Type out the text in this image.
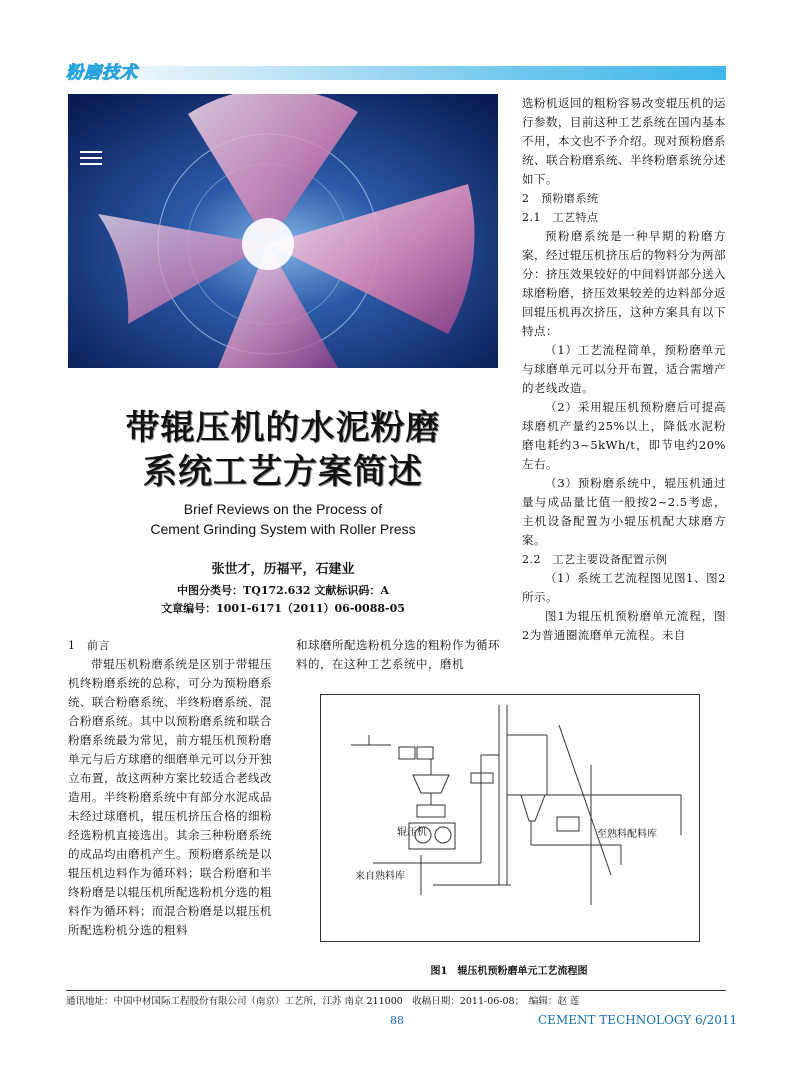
粉磨技术
带辊压机的水泥粉磨
系统工艺方案简述
Brief Reviews on the Process of
Cement Grinding System with Roller Press
张世才，历福平，石建业
中图分类号：TQ172.632 文献标识码：A
文章编号：1001-6171（2011）06-0088-05

选粉机返回的粗粉容易改变辊压机的运行参数，目前这种工艺系统在国内基本不用，本文也不予介绍。现对预粉磨系统、联合粉磨系统、半终粉磨系统分述如下。

2　预粉磨系统

2.1　工艺特点

预粉磨系统是一种早期的粉磨方案，经过辊压机挤压后的物料分为两部分：挤压效果较好的中间料饼部分送入球磨粉磨，挤压效果较差的边料部分返回辊压机再次挤压，这种方案具有以下特点：

（1）工艺流程简单，预粉磨单元与球磨单元可以分开布置，适合需增产的老线改造。

（2）采用辊压机预粉磨后可提高球磨机产量约25%以上，降低水泥粉磨电耗约3~5kWh/t，即节电约20%左右。

（3）预粉磨系统中，辊压机通过量与成品量比值一般按2~2.5考虑，主机设备配置为小辊压机配大球磨方案。

2.2　工艺主要设备配置示例

（1）系统工艺流程图见图1、图2所示。

图1为辊压机预粉磨单元流程，图2为普通圈流磨单元流程。未自

1　前言

带辊压机粉磨系统是区别于带辊压机终粉磨系统的总称，可分为预粉磨系统、联合粉磨系统、半终粉磨系统、混合粉磨系统。其中以预粉磨系统和联合粉磨系统最为常见，前方辊压机预粉磨单元与后方球磨的细磨单元可以分开独立布置，故这两种方案比较适合老线改造用。半终粉磨系统中有部分水泥成品未经过球磨机，辊压机挤压合格的细粉经选粉机直接选出。其余三种粉磨系统的成品均由磨机产生。预粉磨系统是以辊压机边料作为循环料；联合粉磨和半终粉磨是以辊压机所配选粉机分选的粗料作为循环料；而混合粉磨是以辊压机所配选粉机分选的粗料

和球磨所配选粉机分选的粗粉作为循环料的，在这种工艺系统中，磨机

辊压机	至熟料配料库
来自熟料库
图1　辊压机预粉磨单元工艺流程图
通讯地址：中国中材国际工程股份有限公司（南京）工艺所，江苏 南京 211000　收稿日期：2011-06-08；　编辑：赵 莲
88	CEMENT TECHNOLOGY 6/2011
